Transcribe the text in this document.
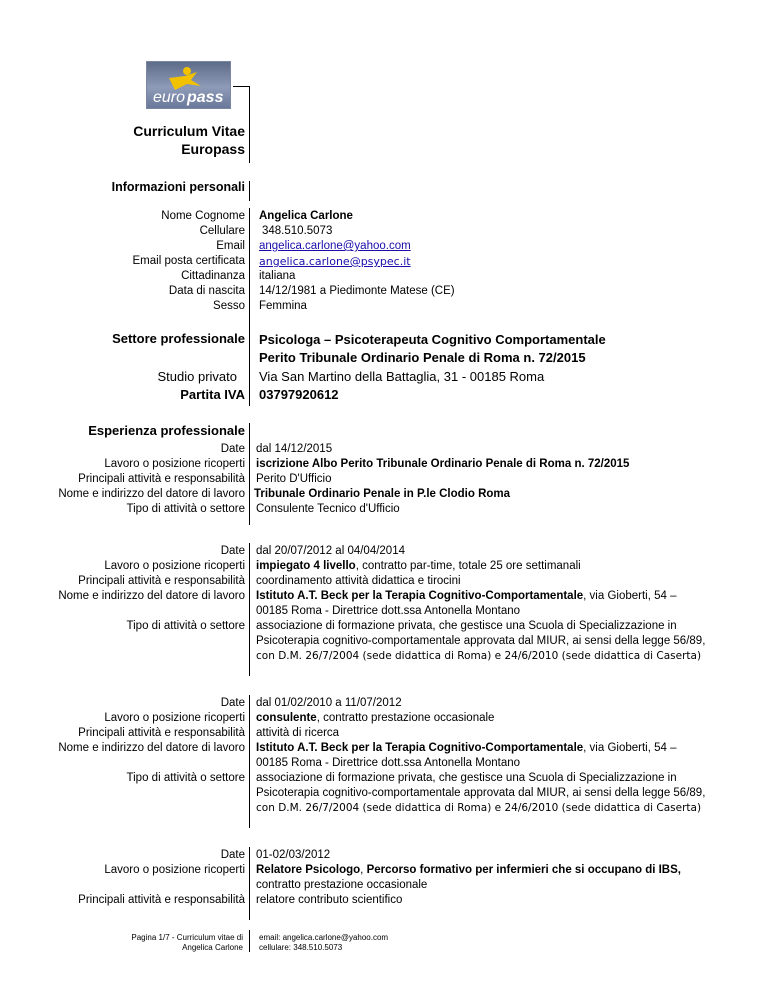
euro pass
Curriculum Vitae
Europass
Informazioni personali
Nome Cognome
Cellulare
Email
Email posta certificata
Cittadinanza
Data di nascita
Sesso
Angelica Carlone
348.510.5073
angelica.carlone@yahoo.com
angelica.carlone@psypec.it
italiana
14/12/1981 a Piedimonte Matese (CE)
Femmina
Settore professionale Psicologa – Psicoterapeuta Cognitivo Comportamentale
Perito Tribunale Ordinario Penale di Roma n. 72/2015
Studio privato Via San Martino della Battaglia, 31 - 00185 Roma
Partita IVA 03797920612
Esperienza professionale
Date
Lavoro o posizione ricoperti
Principali attività e responsabilità
Nome e indirizzo del datore di lavoro
Tipo di attività o settore
dal 14/12/2015
iscrizione Albo Perito Tribunale Ordinario Penale di Roma n. 72/2015
Perito D'Ufficio
Tribunale Ordinario Penale in P.le Clodio Roma
Consulente Tecnico d'Ufficio
Date
Lavoro o posizione ricoperti
Principali attività e responsabilità
Nome e indirizzo del datore di lavoro
Tipo di attività o settore
dal 20/07/2012 al 04/04/2014
impiegato 4 livello, contratto par-time, totale 25 ore settimanali
coordinamento attività didattica e tirocini
Istituto A.T. Beck per la Terapia Cognitivo-Comportamentale, via Gioberti, 54 –
00185 Roma - Direttrice dott.ssa Antonella Montano
associazione di formazione privata, che gestisce una Scuola di Specializzazione in
Psicoterapia cognitivo-comportamentale approvata dal MIUR, ai sensi della legge 56/89,
con D.M. 26/7/2004 (sede didattica di Roma) e 24/6/2010 (sede didattica di Caserta)
Date
Lavoro o posizione ricoperti
Principali attività e responsabilità
Nome e indirizzo del datore di lavoro
Tipo di attività o settore
dal 01/02/2010 a 11/07/2012
consulente, contratto prestazione occasionale
attività di ricerca
Istituto A.T. Beck per la Terapia Cognitivo-Comportamentale, via Gioberti, 54 –
00185 Roma - Direttrice dott.ssa Antonella Montano
associazione di formazione privata, che gestisce una Scuola di Specializzazione in
Psicoterapia cognitivo-comportamentale approvata dal MIUR, ai sensi della legge 56/89,
con D.M. 26/7/2004 (sede didattica di Roma) e 24/6/2010 (sede didattica di Caserta)
Date
Lavoro o posizione ricoperti
Principali attività e responsabilità
01-02/03/2012
Relatore Psicologo, Percorso formativo per infermieri che si occupano di IBS,
contratto prestazione occasionale
relatore contributo scientifico
Pagina 1/7 - Curriculum vitae di
Angelica Carlone
email: angelica.carlone@yahoo.com
cellulare: 348.510.5073
